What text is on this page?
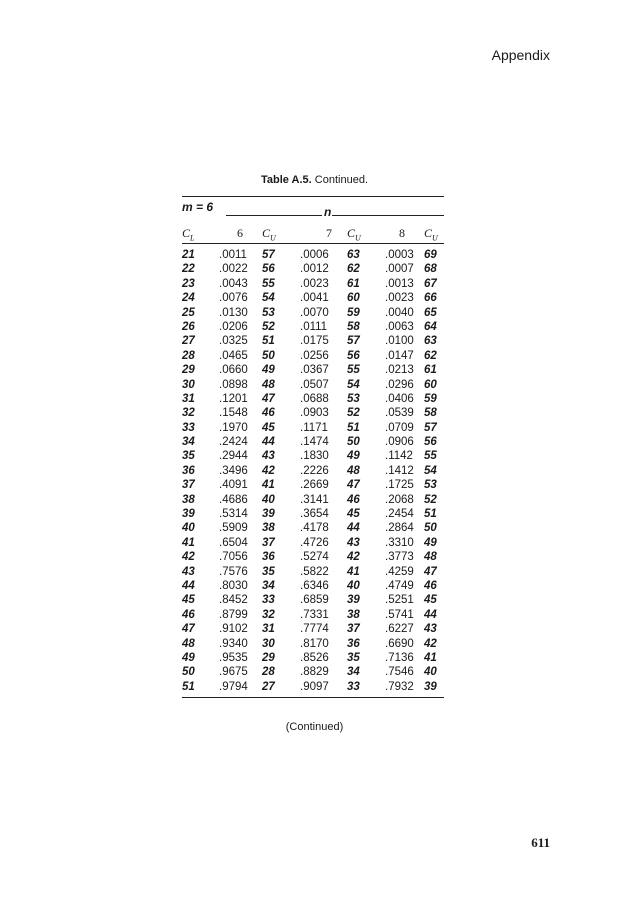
Appendix
Table A.5. Continued.
m = 6	n
$C_L$	6 $C_U$	7 $C_U$	8 $C_U$
21 .0011 57 .0006 63 .0003 69
22 .0022 56 .0012 62 .0007 68
23 .0043 55 .0023 61 .0013 67
24 .0076 54 .0041 60 .0023 66
25 .0130 53 .0070 59 .0040 65
26 .0206 52 .0111 58 .0063 64
27 .0325 51 .0175 57 .0100 63
28 .0465 50 .0256 56 .0147 62
29 .0660 49 .0367 55 .0213 61
30 .0898 48 .0507 54 .0296 60
31 .1201 47 .0688 53 .0406 59
32 .1548 46 .0903 52 .0539 58
33 .1970 45 .1171 51 .0709 57
34 .2424 44 .1474 50 .0906 56
35 .2944 43 .1830 49 .1142 55
36 .3496 42 .2226 48 .1412 54
37 .4091 41 .2669 47 .1725 53
38 .4686 40 .3141 46 .2068 52
39 .5314 39 .3654 45 .2454 51
40 .5909 38 .4178 44 .2864 50
41 .6504 37 .4726 43 .3310 49
42 .7056 36 .5274 42 .3773 48
43 .7576 35 .5822 41 .4259 47
44 .8030 34 .6346 40 .4749 46
45 .8452 33 .6859 39 .5251 45
46 .8799 32 .7331 38 .5741 44
47 .9102 31 .7774 37 .6227 43
48 .9340 30 .8170 36 .6690 42
49 .9535 29 .8526 35 .7136 41
50 .9675 28 .8829 34 .7546 40
51 .9794 27 .9097 33 .7932 39
(Continued)
611
